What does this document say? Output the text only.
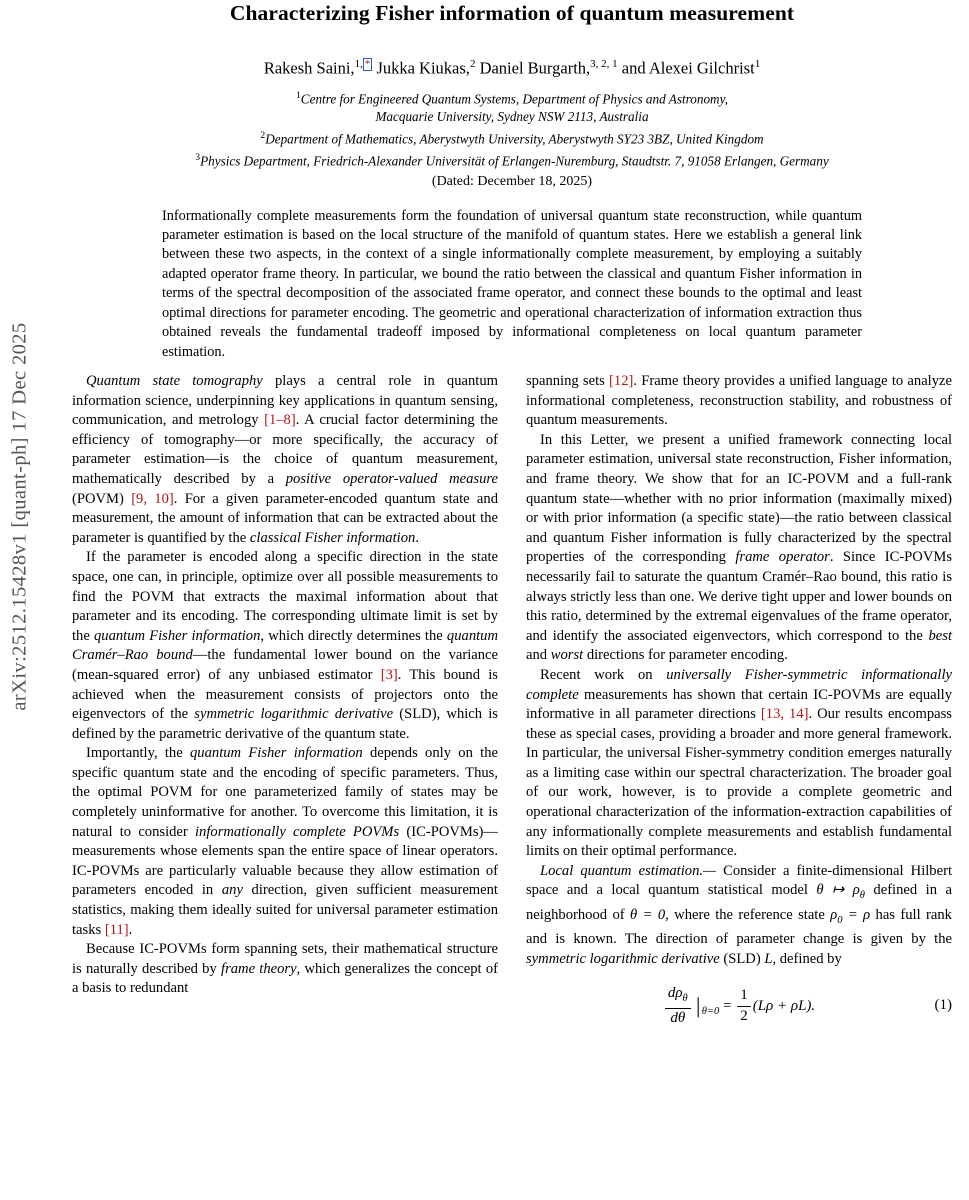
arXiv:2512.15428v1 [quant-ph] 17 Dec 2025
Characterizing Fisher information of quantum measurement
Rakesh Saini,$^{1,}$ * Jukka Kiukas,$^2$ Daniel Burgarth,$^{3, 2, 1}$ and Alexei Gilchrist$^1$
$^1$Centre for Engineered Quantum Systems, Department of Physics and Astronomy,
Macquarie University, Sydney NSW 2113, Australia
$^2$Department of Mathematics, Aberystwyth University, Aberystwyth SY23 3BZ, United Kingdom
$^3$Physics Department, Friedrich-Alexander Universität of Erlangen-Nuremburg, Staudtstr. 7, 91058 Erlangen, Germany
(Dated: December 18, 2025)
Informationally complete measurements form the foundation of universal quantum state reconstruction, while quantum parameter estimation is based on the local structure of the manifold of quantum states. Here we establish a general link between these two aspects, in the context of a single informationally complete measurement, by employing a suitably adapted operator frame theory. In particular, we bound the ratio between the classical and quantum Fisher information in terms of the spectral decomposition of the associated frame operator, and connect these bounds to the optimal and least optimal directions for parameter encoding. The geometric and operational characterization of information extraction thus obtained reveals the fundamental tradeoff imposed by informational completeness on local quantum parameter estimation.

Quantum state tomography plays a central role in quantum information science, underpinning key applications in quantum sensing, communication, and metrology [1–8]. A crucial factor determining the efficiency of tomography—or more specifically, the accuracy of parameter estimation—is the choice of quantum measurement, mathematically described by a positive operator-valued measure (POVM) [9, 10]. For a given parameter-encoded quantum state and measurement, the amount of information that can be extracted about the parameter is quantified by the classical Fisher information.

If the parameter is encoded along a specific direction in the state space, one can, in principle, optimize over all possible measurements to find the POVM that extracts the maximal information about that parameter and its encoding. The corresponding ultimate limit is set by the quantum Fisher information, which directly determines the quantum Cramér–Rao bound—the fundamental lower bound on the variance (mean-squared error) of any unbiased estimator [3]. This bound is achieved when the measurement consists of projectors onto the eigenvectors of the symmetric logarithmic derivative (SLD), which is defined by the parametric derivative of the quantum state.

Importantly, the quantum Fisher information depends only on the specific quantum state and the encoding of specific parameters. Thus, the optimal POVM for one parameterized family of states may be completely uninformative for another. To overcome this limitation, it is natural to consider informationally complete POVMs (IC-POVMs)—measurements whose elements span the entire space of linear operators. IC-POVMs are particularly valuable because they allow estimation of parameters encoded in any direction, given sufficient measurement statistics, making them ideally suited for universal parameter estimation tasks [11].

Because IC-POVMs form spanning sets, their mathematical structure is naturally described by frame theory, which generalizes the concept of a basis to redundant

spanning sets [12]. Frame theory provides a unified language to analyze informational completeness, reconstruction stability, and robustness of quantum measurements.

In this Letter, we present a unified framework connecting local parameter estimation, universal state reconstruction, Fisher information, and frame theory. We show that for an IC-POVM and a full-rank quantum state—whether with no prior information (maximally mixed) or with prior information (a specific state)—the ratio between classical and quantum Fisher information is fully characterized by the spectral properties of the corresponding frame operator. Since IC-POVMs necessarily fail to saturate the quantum Cramér–Rao bound, this ratio is always strictly less than one. We derive tight upper and lower bounds on this ratio, determined by the extremal eigenvalues of the frame operator, and identify the associated eigenvectors, which correspond to the best and worst directions for parameter encoding.

Recent work on universally Fisher-symmetric informationally complete measurements has shown that certain IC-POVMs are equally informative in all parameter directions [13, 14]. Our results encompass these as special cases, providing a broader and more general framework. In particular, the universal Fisher-symmetry condition emerges naturally as a limiting case within our spectral characterization. The broader goal of our work, however, is to provide a complete geometric and operational characterization of the information-extraction capabilities of any informationally complete measurements and establish fundamental limits on their optimal performance.

Local quantum estimation.— Consider a finite-dimensional Hilbert space and a local quantum statistical model θ ↦ $\rho_\theta$ defined in a neighborhood of θ = 0, where the reference state $\rho_0 = \rho$ has full rank and is known. The direction of parameter change is given by the symmetric logarithmic derivative (SLD) L, defined by

$\frac{d\rho_\theta}{d\theta} |_{\theta=0} = \frac{1}{2} (L\rho + \rho L)$.	(1)
